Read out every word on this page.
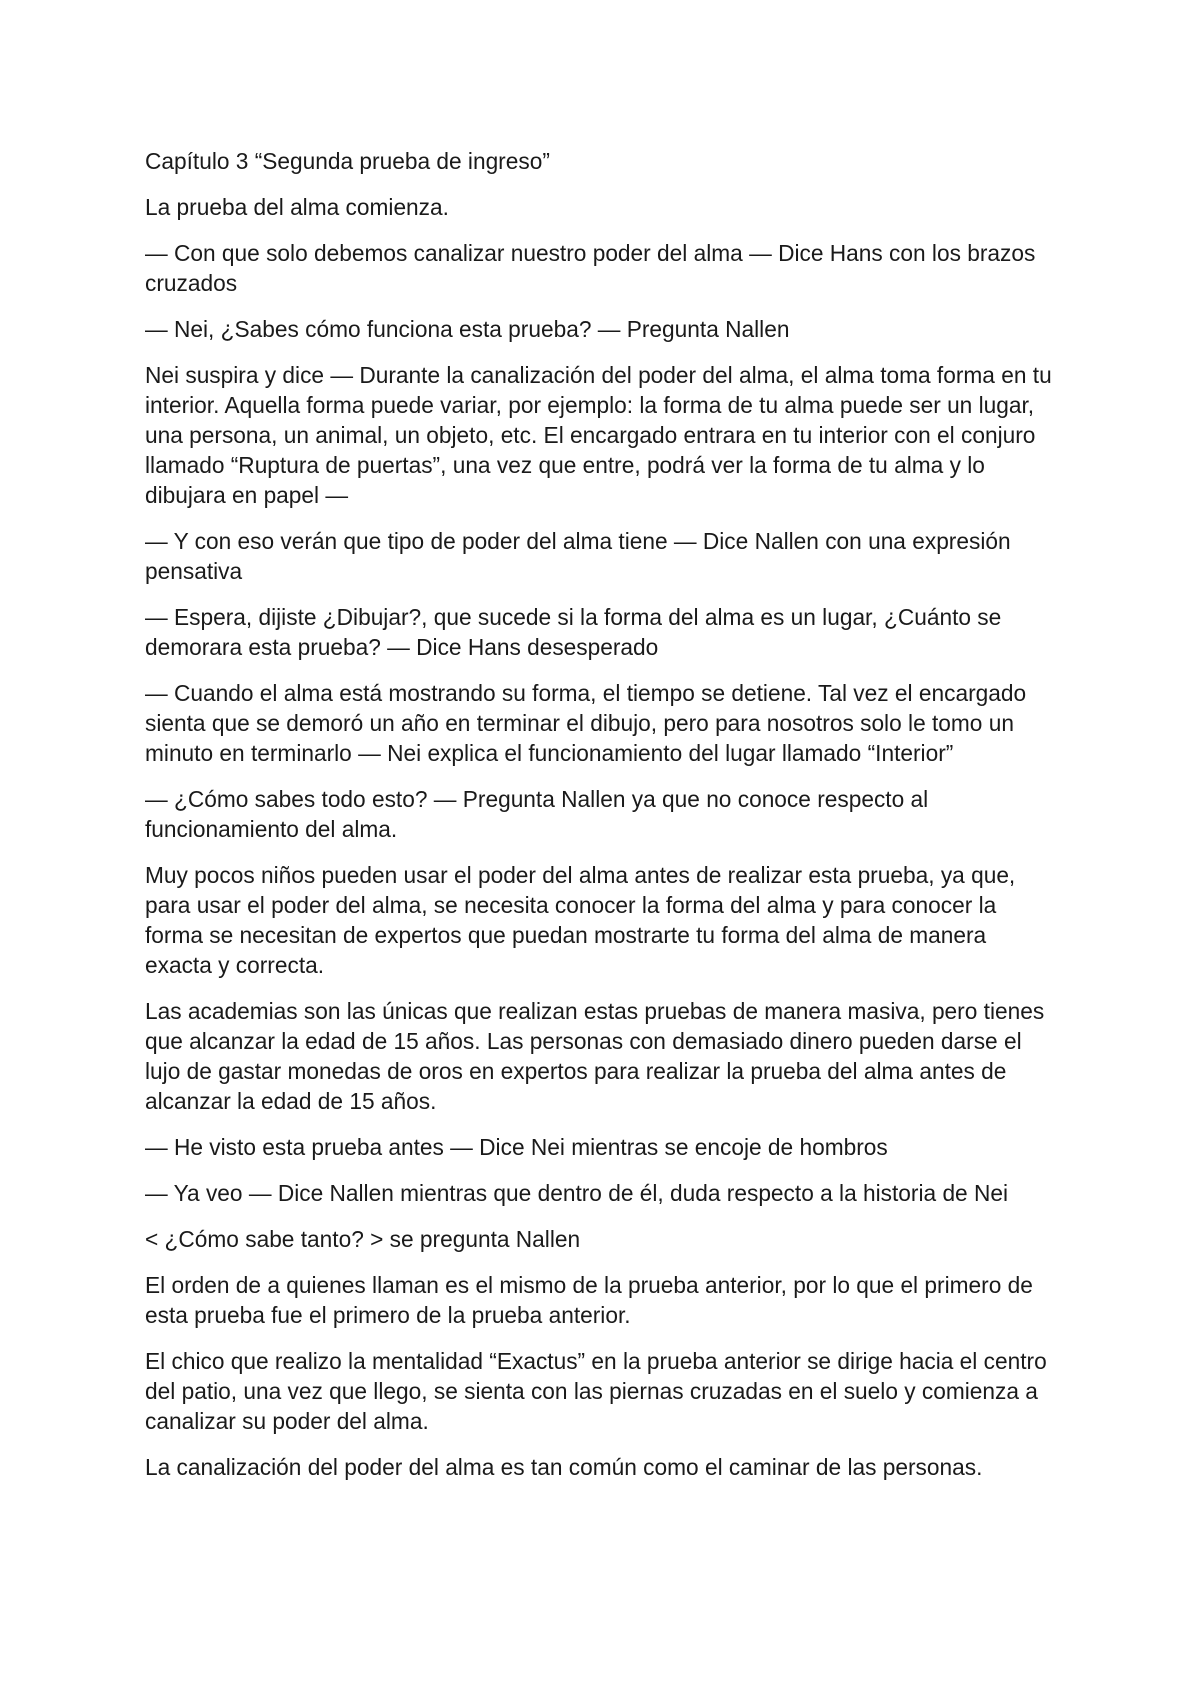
Capítulo 3 “Segunda prueba de ingreso”

La prueba del alma comienza.

— Con que solo debemos canalizar nuestro poder del alma — Dice Hans con los brazos cruzados

— Nei, ¿Sabes cómo funciona esta prueba? — Pregunta Nallen

Nei suspira y dice — Durante la canalización del poder del alma, el alma toma forma en tu interior. Aquella forma puede variar, por ejemplo: la forma de tu alma puede ser un lugar, una persona, un animal, un objeto, etc. El encargado entrara en tu interior con el conjuro llamado “Ruptura de puertas”, una vez que entre, podrá ver la forma de tu alma y lo dibujara en papel —

— Y con eso verán que tipo de poder del alma tiene — Dice Nallen con una expresión pensativa

— Espera, dijiste ¿Dibujar?, que sucede si la forma del alma es un lugar, ¿Cuánto se demorara esta prueba? — Dice Hans desesperado

— Cuando el alma está mostrando su forma, el tiempo se detiene. Tal vez el encargado sienta que se demoró un año en terminar el dibujo, pero para nosotros solo le tomo un minuto en terminarlo — Nei explica el funcionamiento del lugar llamado “Interior”

— ¿Cómo sabes todo esto? — Pregunta Nallen ya que no conoce respecto al funcionamiento del alma.

Muy pocos niños pueden usar el poder del alma antes de realizar esta prueba, ya que, para usar el poder del alma, se necesita conocer la forma del alma y para conocer la forma se necesitan de expertos que puedan mostrarte tu forma del alma de manera exacta y correcta.

Las academias son las únicas que realizan estas pruebas de manera masiva, pero tienes que alcanzar la edad de 15 años. Las personas con demasiado dinero pueden darse el lujo de gastar monedas de oros en expertos para realizar la prueba del alma antes de alcanzar la edad de 15 años.

— He visto esta prueba antes — Dice Nei mientras se encoje de hombros

— Ya veo — Dice Nallen mientras que dentro de él, duda respecto a la historia de Nei

< ¿Cómo sabe tanto? > se pregunta Nallen

El orden de a quienes llaman es el mismo de la prueba anterior, por lo que el primero de esta prueba fue el primero de la prueba anterior.

El chico que realizo la mentalidad “Exactus” en la prueba anterior se dirige hacia el centro del patio, una vez que llego, se sienta con las piernas cruzadas en el suelo y comienza a canalizar su poder del alma.

La canalización del poder del alma es tan común como el caminar de las personas.
